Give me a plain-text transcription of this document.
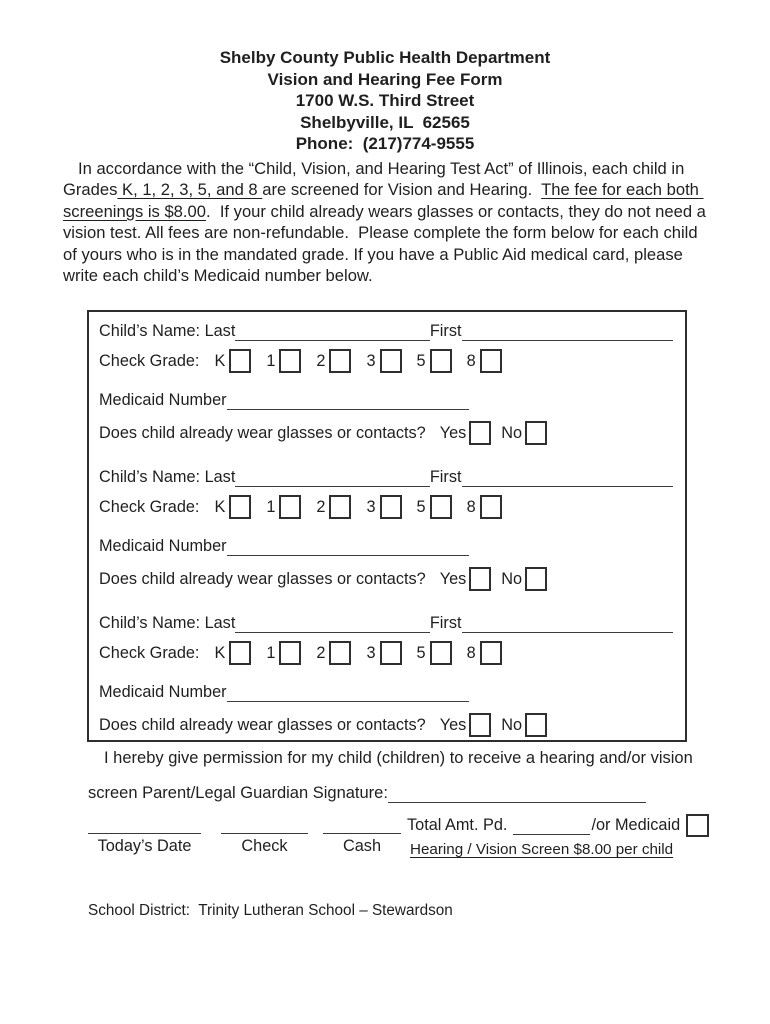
Shelby County Public Health Department
Vision and Hearing Fee Form
1700 W.S. Third Street
Shelbyville, IL  62565
Phone:  (217)774-9555
In accordance with the “Child, Vision, and Hearing Test Act” of Illinois, each child in Grades K, 1, 2, 3, 5, and 8 are screened for Vision and Hearing.  The fee for each both screenings is $8.00.  If your child already wears glasses or contacts, they do not need a vision test. All fees are non-refundable.  Please complete the form below for each child of yours who is in the mandated grade. If you have a Public Aid medical card, please write each child’s Medicaid number below.
Child’s Name: Last	First
Check Grade: K	1	2	3	5	8
Medicaid Number
Does child already wear glasses or contacts? Yes No
Child’s Name: Last	First
Check Grade: K	1	2	3	5	8
Medicaid Number
Does child already wear glasses or contacts? Yes No
Child’s Name: Last	First
Check Grade: K	1	2	3	5	8
Medicaid Number
Does child already wear glasses or contacts? Yes No
I hereby give permission for my child (children) to receive a hearing and/or vision
screen Parent/Legal Guardian Signature:
Today’s Date	Check	Cash
Total Amt. Pd.	/or Medicaid
Hearing / Vision Screen $8.00 per child
School District:  Trinity Lutheran School – Stewardson
